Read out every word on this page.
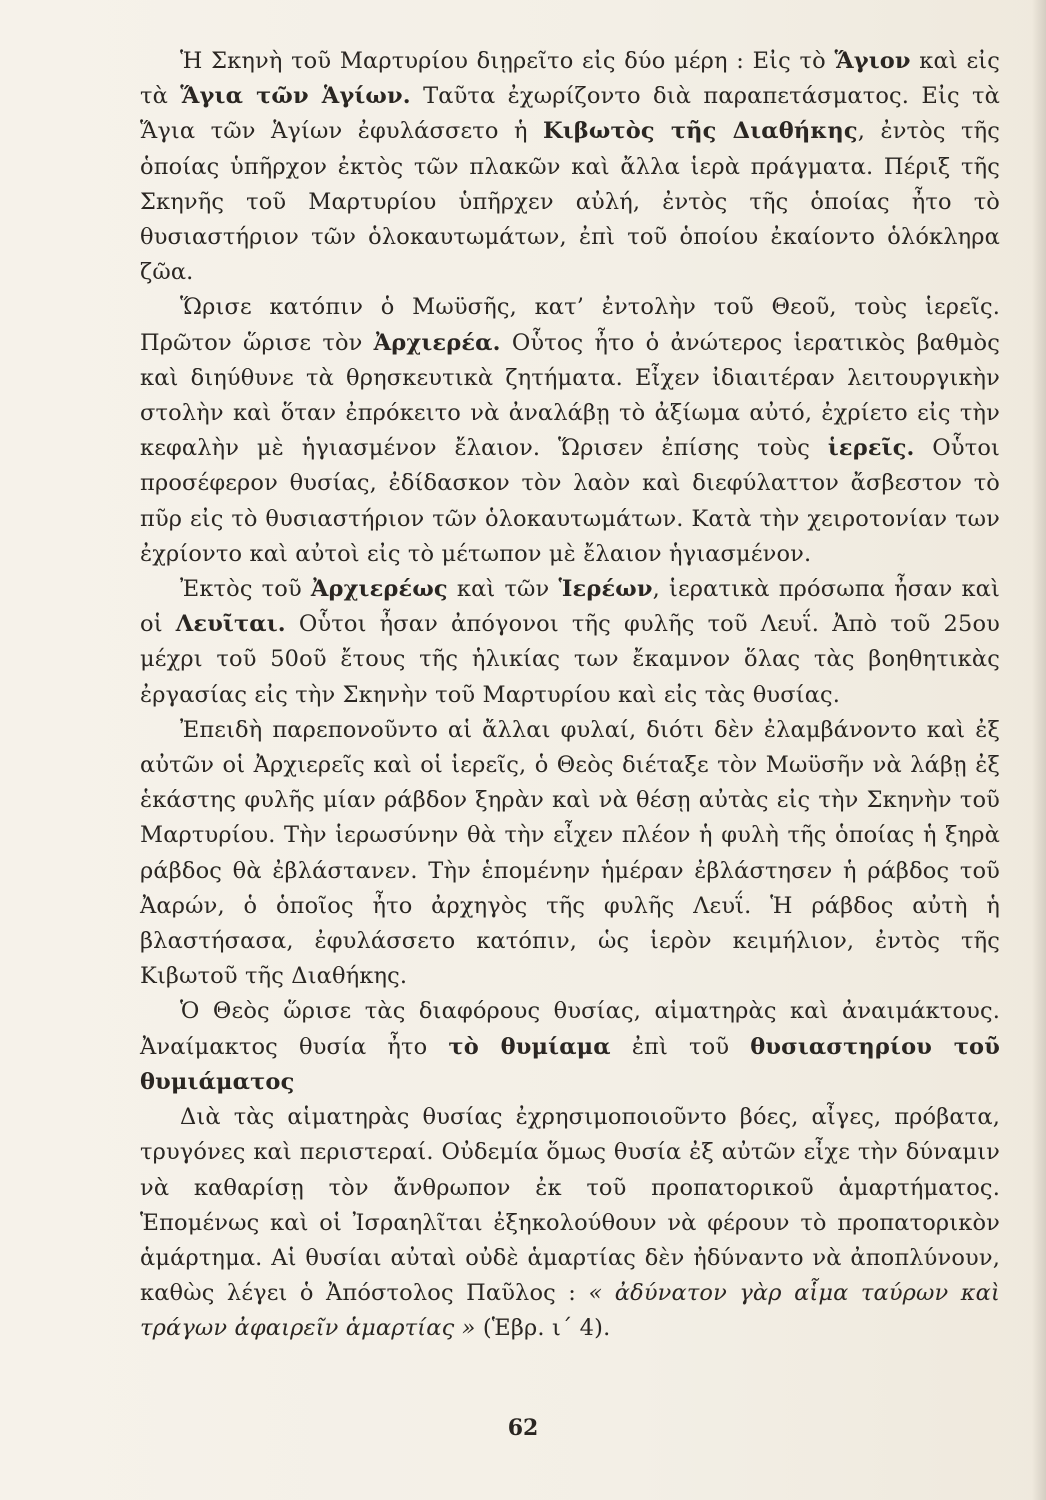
Ἡ Σκηνὴ τοῦ Μαρτυρίου διῃρεῖτο εἰς δύο μέρη : Εἰς τὸ Ἅγιον καὶ εἰς τὰ Ἅγια τῶν Ἁγίων. Ταῦτα ἐχωρίζοντο διὰ παραπετάσματος. Εἰς τὰ Ἅγια τῶν Ἁγίων ἐφυλάσσετο ἡ Κιβωτὸς τῆς Διαθήκης, ἐντὸς τῆς ὁποίας ὑπῆρχον ἐκτὸς τῶν πλακῶν καὶ ἄλλα ἱερὰ πράγματα. Πέριξ τῆς Σκηνῆς τοῦ Μαρτυρίου ὑπῆρχεν αὐλή, ἐντὸς τῆς ὁποίας ἦτο τὸ θυσιαστήριον τῶν ὁλοκαυτωμάτων, ἐπὶ τοῦ ὁποίου ἐκαίοντο ὁλόκληρα ζῶα.

Ὥρισε κατόπιν ὁ Μωϋσῆς, κατ’ ἐντολὴν τοῦ Θεοῦ, τοὺς ἱερεῖς. Πρῶτον ὥρισε τὸν Ἀρχιερέα. Οὗτος ἦτο ὁ ἀνώτερος ἱερατικὸς βαθμὸς καὶ διηύθυνε τὰ θρησκευτικὰ ζητήματα. Εἶχεν ἰδιαιτέραν λειτουργικὴν στολὴν καὶ ὅταν ἐπρόκειτο νὰ ἀναλάβῃ τὸ ἀξίωμα αὐτό, ἐχρίετο εἰς τὴν κεφαλὴν μὲ ἡγιασμένον ἔλαιον. Ὥρισεν ἐπίσης τοὺς ἱερεῖς. Οὗτοι προσέφερον θυσίας, ἐδίδασκον τὸν λαὸν καὶ διεφύλαττον ἄσβεστον τὸ πῦρ εἰς τὸ θυσιαστήριον τῶν ὁλοκαυτωμάτων. Κατὰ τὴν χειροτονίαν των ἐχρίοντο καὶ αὐτοὶ εἰς τὸ μέτωπον μὲ ἔλαιον ἡγιασμένον.

Ἐκτὸς τοῦ Ἀρχιερέως καὶ τῶν Ἱερέων, ἱερατικὰ πρόσωπα ἦσαν καὶ οἱ Λευῖται. Οὗτοι ἦσαν ἀπόγονοι τῆς φυλῆς τοῦ Λευΐ. Ἀπὸ τοῦ 25ου μέχρι τοῦ 50οῦ ἔτους τῆς ἡλικίας των ἔκαμνον ὅλας τὰς βοηθητικὰς ἐργασίας εἰς τὴν Σκηνὴν τοῦ Μαρτυρίου καὶ εἰς τὰς θυσίας.

Ἐπειδὴ παρεπονοῦντο αἱ ἄλλαι φυλαί, διότι δὲν ἐλαμβάνοντο καὶ ἐξ αὐτῶν οἱ Ἀρχιερεῖς καὶ οἱ ἱερεῖς, ὁ Θεὸς διέταξε τὸν Μωϋσῆν νὰ λάβῃ ἐξ ἑκάστης φυλῆς μίαν ράβδον ξηρὰν καὶ νὰ θέσῃ αὐτὰς εἰς τὴν Σκηνὴν τοῦ Μαρτυρίου. Τὴν ἱερωσύνην θὰ τὴν εἶχεν πλέον ἡ φυλὴ τῆς ὁποίας ἡ ξηρὰ ράβδος θὰ ἐβλάστανεν. Τὴν ἑπομένην ἡμέραν ἐβλάστησεν ἡ ράβδος τοῦ Ἀαρών, ὁ ὁποῖος ἦτο ἀρχηγὸς τῆς φυλῆς Λευΐ. Ἡ ράβδος αὐτὴ ἡ βλαστήσασα, ἐφυλάσσετο κατόπιν, ὡς ἱερὸν κειμήλιον, ἐντὸς τῆς Κιβωτοῦ τῆς Διαθήκης.

Ὁ Θεὸς ὥρισε τὰς διαφόρους θυσίας, αἱματηρὰς καὶ ἀναιμάκτους. Ἀναίμακτος θυσία ἦτο τὸ θυμίαμα ἐπὶ τοῦ θυσιαστηρίου τοῦ θυμιάματος

Διὰ τὰς αἱματηρὰς θυσίας ἐχρησιμοποιοῦντο βόες, αἶγες, πρόβατα, τρυγόνες καὶ περιστεραί. Οὐδεμία ὅμως θυσία ἐξ αὐτῶν εἶχε τὴν δύναμιν νὰ καθαρίσῃ τὸν ἄνθρωπον ἐκ τοῦ προπατορικοῦ ἁμαρτήματος. Ἑπομένως καὶ οἱ Ἰσραηλῖται ἐξηκολούθουν νὰ φέρουν τὸ προπατορικὸν ἁμάρτημα. Αἱ θυσίαι αὐταὶ οὐδὲ ἁμαρτίας δὲν ἠδύναντο νὰ ἀποπλύνουν, καθὼς λέγει ὁ Ἀπόστολος Παῦλος : « ἀδύνατον γὰρ αἷμα ταύρων καὶ τράγων ἀφαιρεῖν ἁμαρτίας » (Ἑβρ. ι΄ 4).

62
